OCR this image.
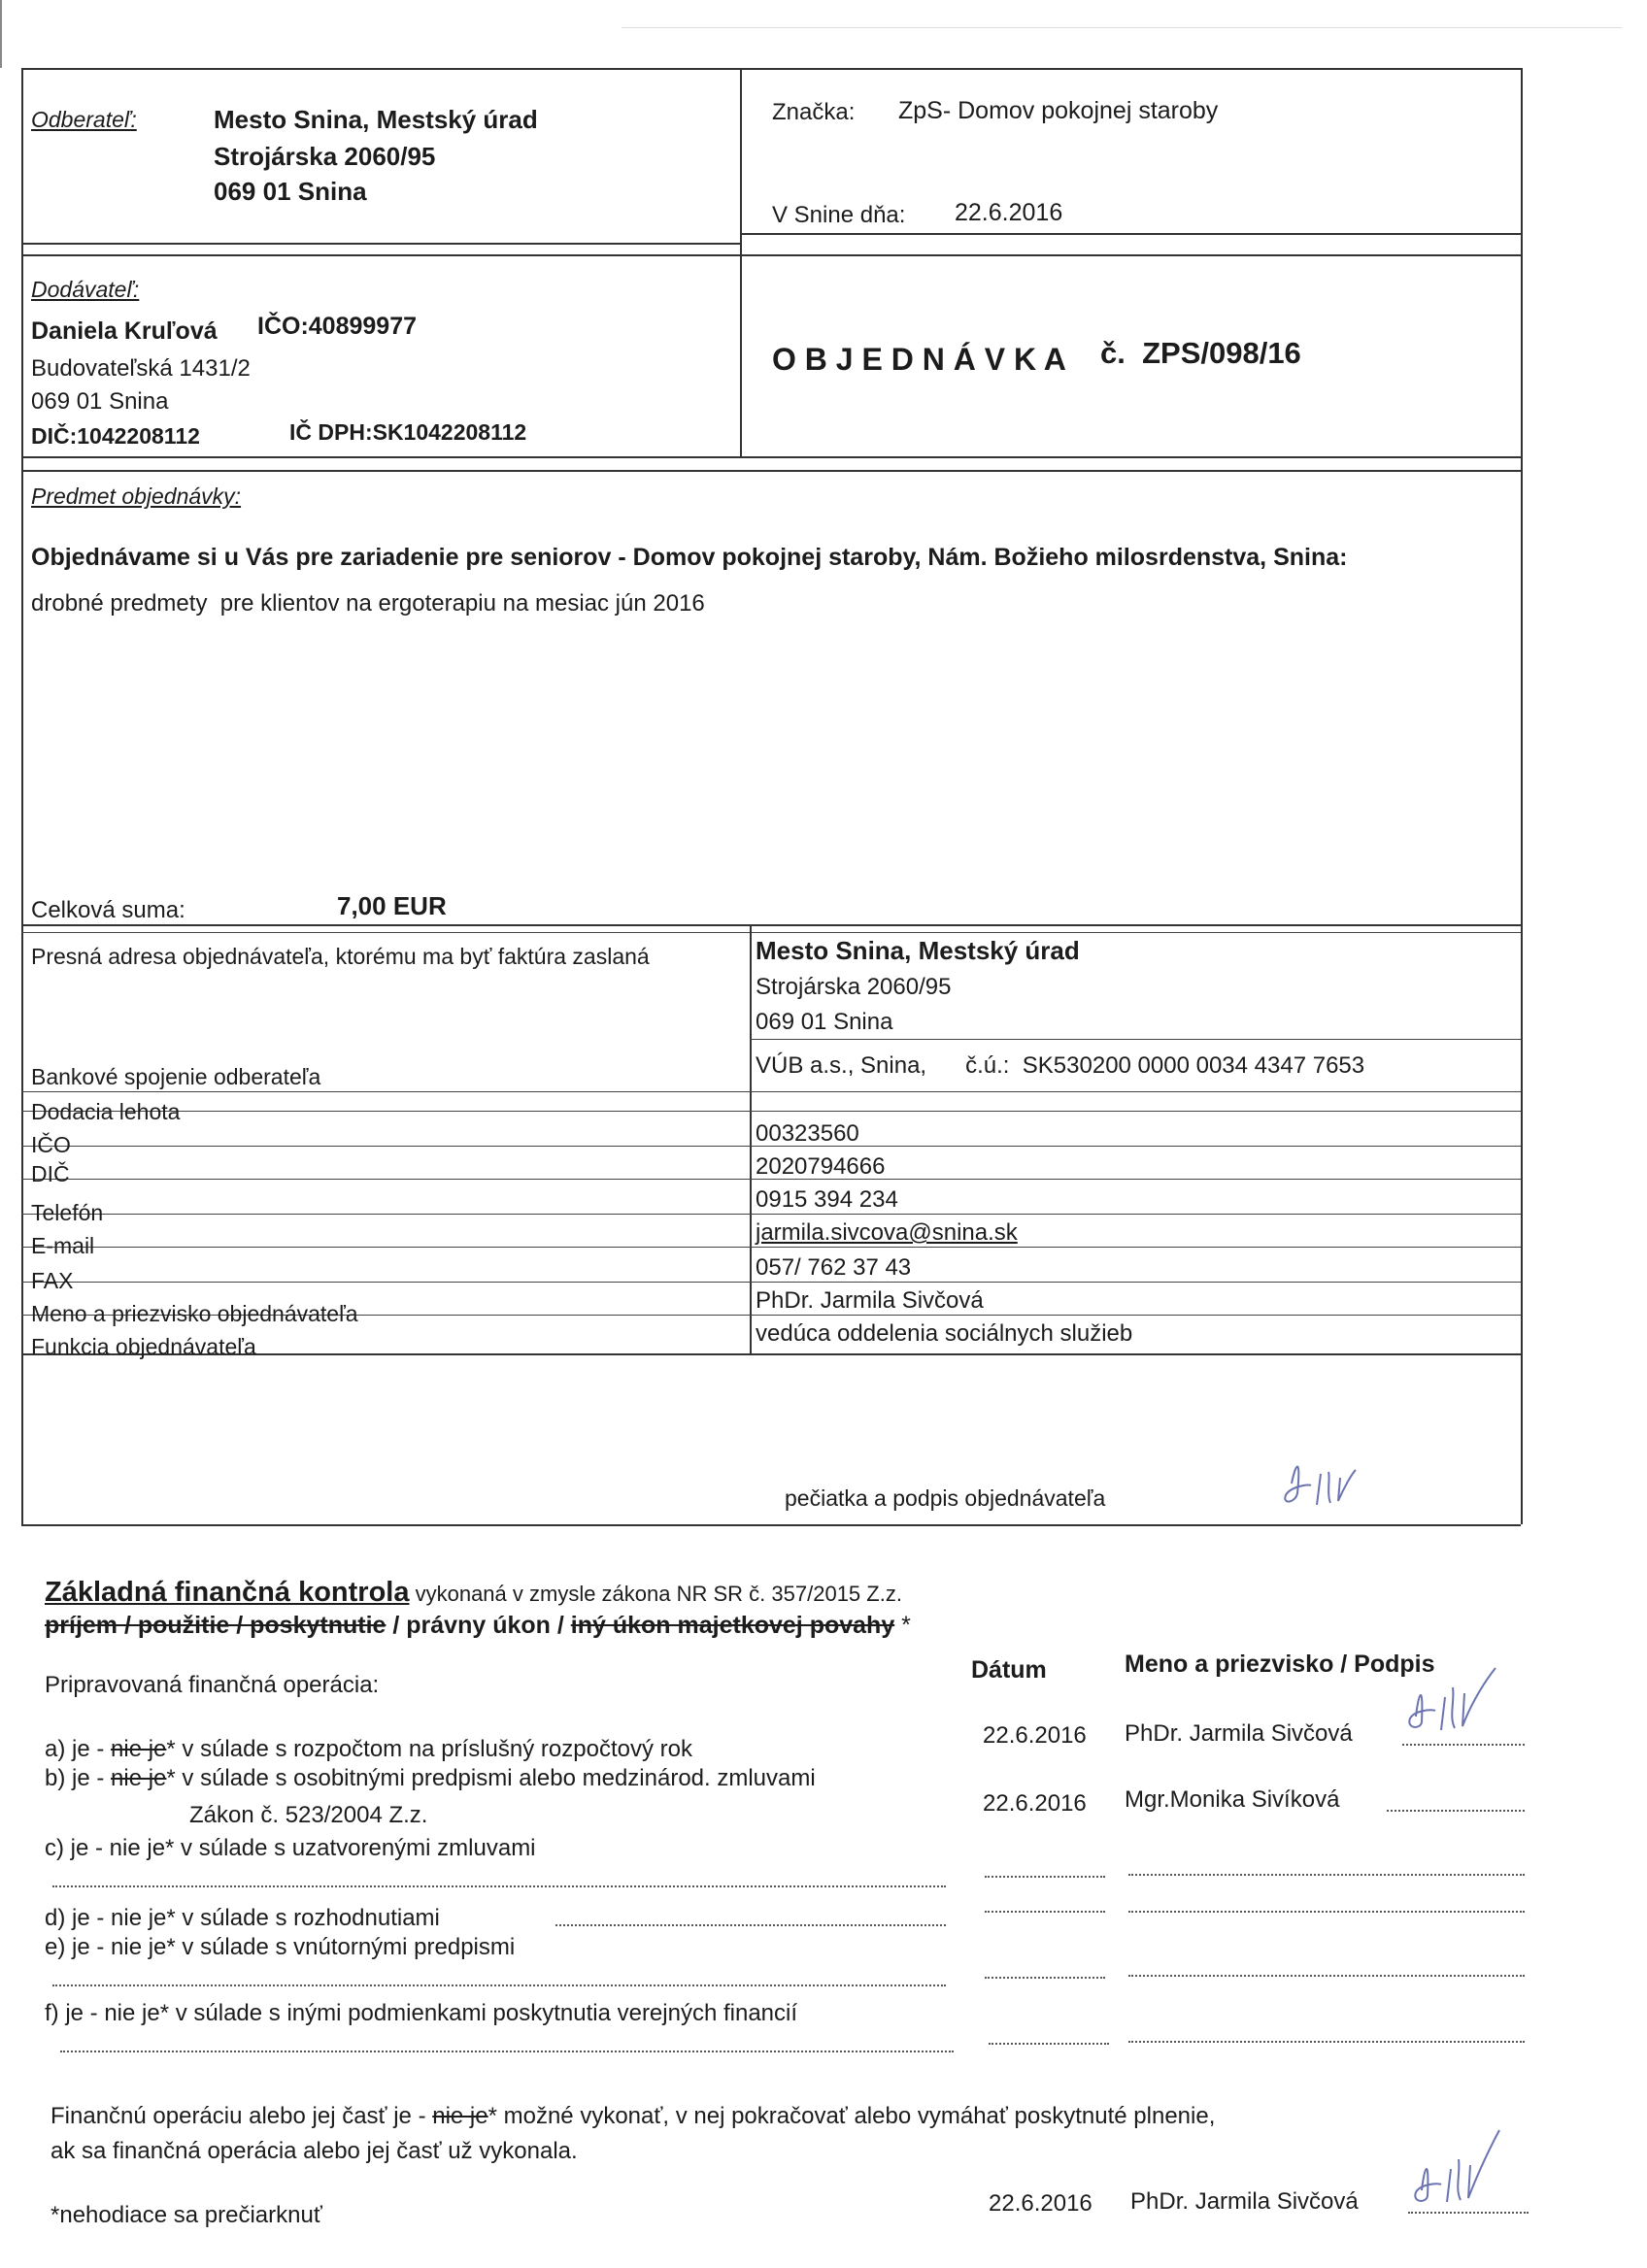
Odberateľ:	Mesto Snina, Mestský úrad
Strojárska 2060/95
069 01 Snina
Značka: ZpS- Domov pokojnej staroby
V Snine dňa: 22.6.2016
Dodávateľ:
Daniela Kruľová IČO:40899977
Budovateľská 1431/2
069 01 Snina
DIČ:1042208112	IČ DPH:SK1042208112
O B J E D N Á V K A č.  ZPS/098/16
Predmet objednávky:
Objednávame si u Vás pre zariadenie pre seniorov - Domov pokojnej staroby, Nám. Božieho milosrdenstva, Snina:
drobné predmety  pre klientov na ergoterapiu na mesiac jún 2016
Celková suma:	7,00 EUR
Presná adresa objednávateľa, ktorému ma byť faktúra zaslaná	Mesto Snina, Mestský úrad
Strojárska 2060/95
069 01 Snina
Bankové spojenie odberateľa	VÚB a.s., Snina,      č.ú.:  SK530200 0000 0034 4347 7653
Dodacia lehota
IČO	00323560
DIČ	2020794666
Telefón	0915 394 234
E-mail	jarmila.sivcova@snina.sk
FAX	057/ 762 37 43
Meno a priezvisko objednávateľa	PhDr. Jarmila Sivčová
Funkcia objednávateľa	vedúca oddelenia sociálnych služieb
pečiatka a podpis objednávateľa
Základná finančná kontrola vykonaná v zmysle zákona NR SR č. 357/2015 Z.z.
príjem / použitie / poskytnutie / právny úkon / iný úkon majetkovej povahy *
Pripravovaná finančná operácia:
Dátum	Meno a priezvisko / Podpis
a) je - nie je* v súlade s rozpočtom na príslušný rozpočtový rok
22.6.2016 PhDr. Jarmila Sivčová
b) je - nie je* v súlade s osobitnými predpismi alebo medzinárod. zmluvami
Zákon č. 523/2004 Z.z.	22.6.2016 Mgr.Monika Sivíková
c) je - nie je* v súlade s uzatvorenými zmluvami
d) je - nie je* v súlade s rozhodnutiami
e) je - nie je* v súlade s vnútornými predpismi
f) je - nie je* v súlade s inými podmienkami poskytnutia verejných financií
Finančnú operáciu alebo jej časť je - nie je* možné vykonať, v nej pokračovať alebo vymáhať poskytnuté plnenie,
ak sa finančná operácia alebo jej časť už vykonala.
22.6.2016 PhDr. Jarmila Sivčová
*nehodiace sa prečiarknuť
